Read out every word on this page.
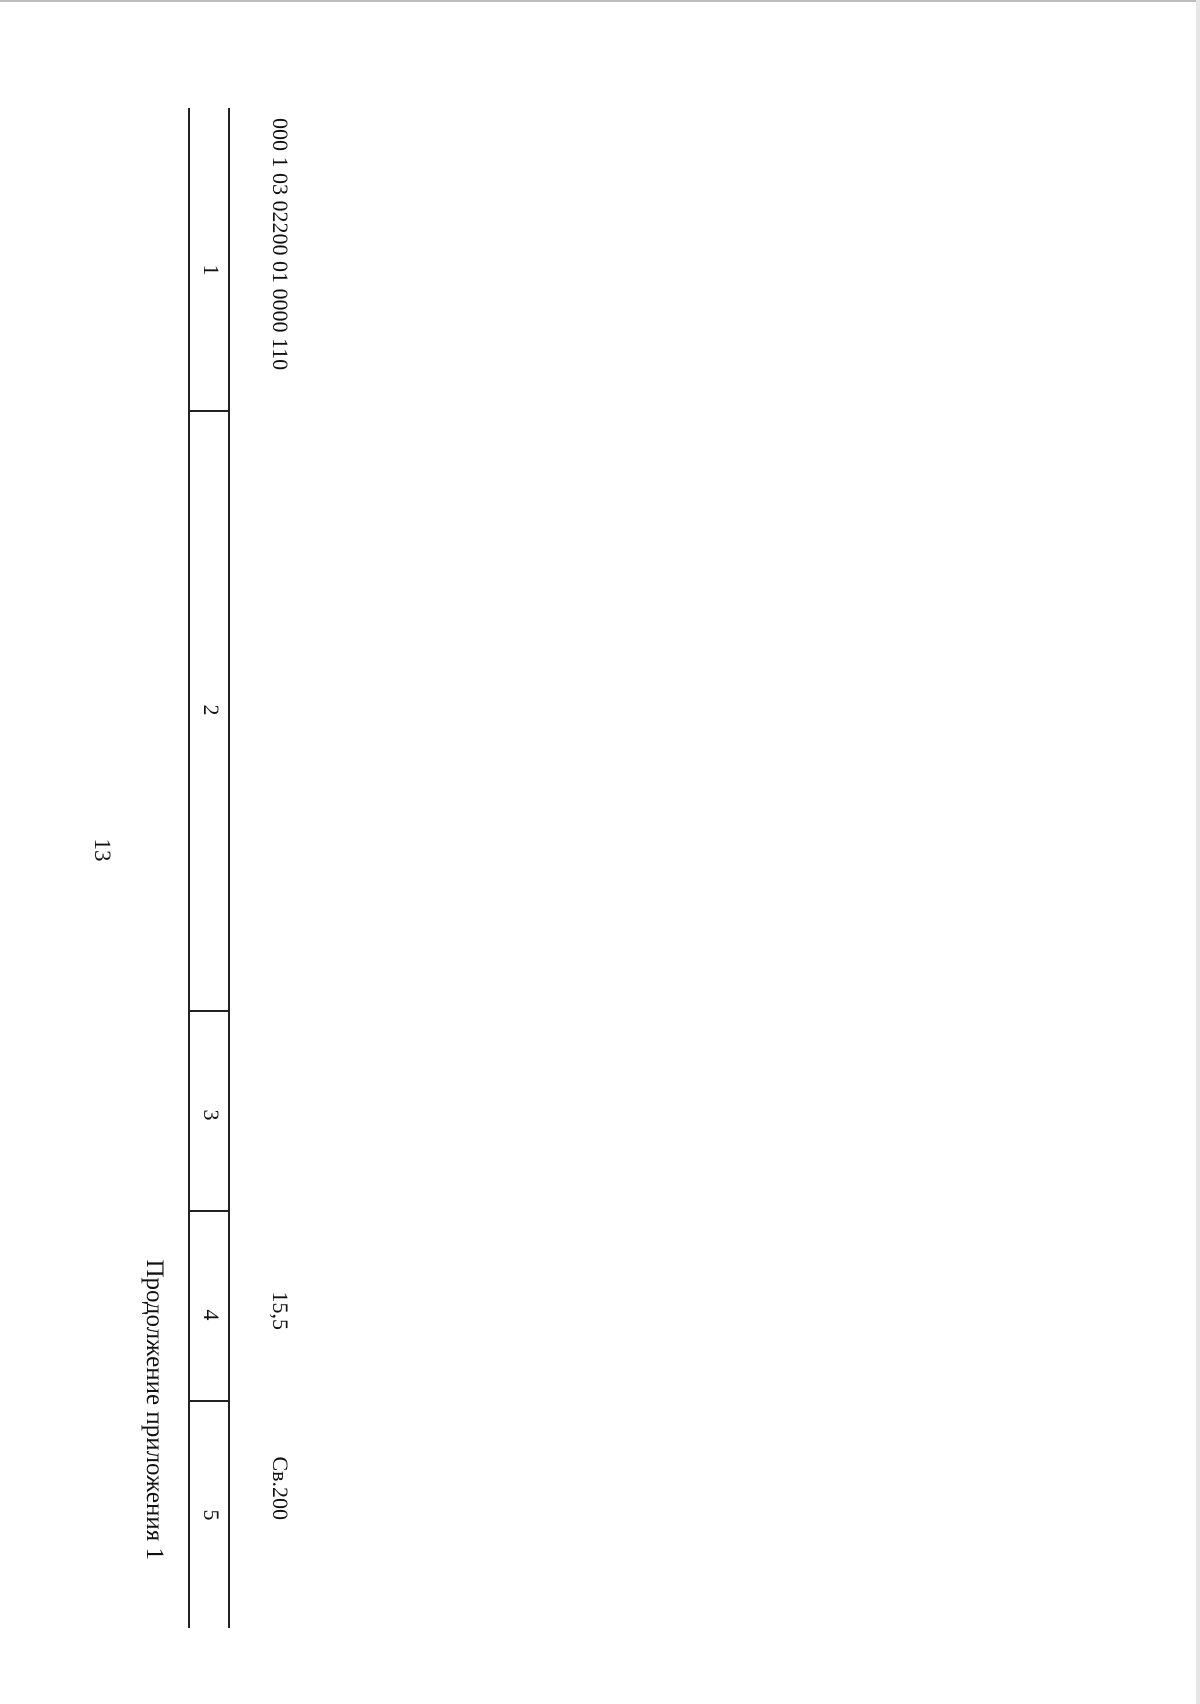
13
Продолжение приложения 1
1
2
3
4
5
000 1 03 02200 01 0000 110
15,5
Св.200
